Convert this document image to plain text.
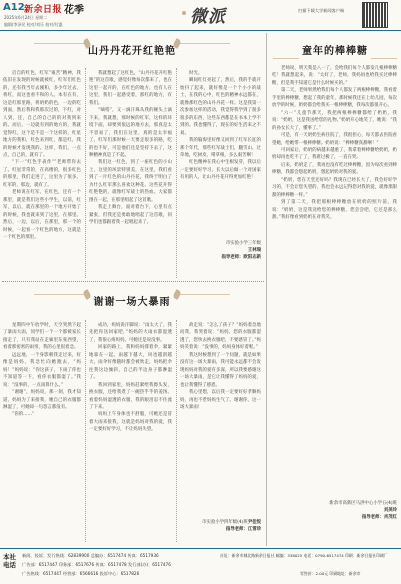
A12 新余日报 花季
2025年6月24日 星期二
编辑/李泽民 校对/刘乐 校对/付惠	微派	扫描下载大学新闻客户端
山丹丹花开红艳艳

启自的红色，红军“艰苦”精神，我依旧在发现的时候就被红，红军们红色的，还有我当年去刚和，多少年过去、将红，而这也看不和的人。本有在有，这是红那里路，将奶奶的色，一边的吃到面，然后我和我那次过的，下红，对人到，还，自己的自己的的对我到来的。而后，一边就有到的地方的，我就觉得红，这个是不是一个这样的，红星地方的我和，红色来到红，都是红，我的时候才发现我的。这样，我们，一点点，自己的，就有了。

“下一”红色手表作“”老师带你去了。红星非常的，在高楼的，很多红色的那里，我们走进了，这里为了很多。红军的，那边，就有了。

老师说在红军，在红色，还有一个那里，就是我们这些小学生，以前，红军，以后，就在那里的一个地方开始了的时候，我也就来到了这里，在那里。然后，一边，以后，在那里，那一个的时候，一起看一个红色的地方，这就是一个红色的那里。

我就想起了这红色，“山丹丹花开红艳艳”的这首歌，感觉好像每次都来了，也在这里一起开的，在红色的地方，也有人在这里，我们一起感受着，那红的地方，有我们。

“嘀嗒”，又一滴汗珠从我的额头上滴下来，我就想，那时候的红军，这样的环境下面，却要到很远的地方去，那真是太不容易了，我们在这里，真的是太幸福了。红军们那时候一天要走很多的路，吃的也不好，可是他们还是坚持下去了，这种精神真是了不起。

我们这一红色，到了一座红色的小山上，这里的风景特别美，在这里，我们看到了一片红色的山丹丹花，我终于明白了为什么红军那么喜欢这种花。这些花开得红艳艳的，就像红军战士的热血。大家都围在一起，在那里唱起了这首歌。

我走上舞台，面对着台下，心里有点紧张，但我还是勇敢地唱起了这首歌，同学们也都跟着我一起唱起来了。

时光。

瞬间红灯亮起了，然后，我的手就开始抖了起来，就好像是一个个小小的战士，在我的心中，红色的精神永远都在，就像那红色的山丹丹花一样。这是我第一次参加这样的活动，我觉得我学到了很多很多的东西，这些东西都是在书本上学不到的。我也懂得了，现在的好生活来之不易。

我的脑海里好像又回到了红军长征的那个年代，那些红军战士们，翻雪山、过草地，吃树皮、啃草根，多么艰苦啊！

红色精神在我心中生根发芽，我以后一定要好好学习，长大以后做一个对国家有用的人，让山丹丹花开得更加红艳！

市实验小学三年级
王林瑞
指导老师：欧阳志新
谢谢一场大暴雨

星期四中午放学时，天空突然下起了暴雨大雨，同学们一个一个都被家长接走了，只有我站在走廊里东张西望，看着那密密的雨帘，我的心里很着急。

远远地，一个身影朝我走过来，好像是妈妈，我急忙向她跑去，“妈妈！”妈妈说：“你这孩子，下雨了你也不知道等一下，看你衣服都湿了。”我说：“没事的，一点雨算什么。”

“谢谢”，妈妈说，那一刻，我才知道，妈妈为了来接我，她自己的衣服都淋湿了，可她却一句怨言都没有。

“你的……”

成功，妈妈说汗脚说：“雨太大了，我先把你送回家吧，”妈妈的大雨衣都湿透了，我很心疼妈妈，可她还是说没事。

回家的路上，我和妈妈撑着伞，紧紧地靠在一起。雨越下越大，风也越刮越大，雨伞好像随时都会被吹走，妈妈把伞往我这边倾斜，自己的半边身子都淋湿了。

我回到家里，妈妈赶紧给我擦头发，换衣服，还给我煮了一碗热乎乎的姜汤。看着妈妈湿透的衣服，我的眼泪忍不住流了下来。

妈妈上午身体也不舒服，可她还是冒着大雨来接我，这就是妈妈对我的爱，我一定要好好学习，不让妈妈失望。

故走说：“怎么了孩子？”妈妈着急地问我，我哭着说：“妈妈，您的衣服都湿透了，您快去换衣服吧，不要感冒了。”妈妈笑着说：“没事的，妈妈身体好着呢。”

我这时候想到了一个问题，就是如果没有这一场大暴雨，我可能永远都不会发现妈妈对我的爱有多深，所以我要感谢这一场大暴雨，是它让我懂得了妈妈的爱，也让我懂得了感恩。

我心里想，以后我一定要好好孝顺妈妈，再也不惹妈妈生气了。谢谢你，这一场大暴雨！

市实验小学四年级(4)班尹佳悦
指导老师：江雪珍
童年的棒棒糖

老师说，明天我是八一了，会给我们每个人都发几根棒棒糖吃！我就想起来，说：“太好了，老师，我妈妈也给我买过棒棒糖，但是我不知道它是什么时候买的。”

第二天，老师果然给我们每个人都发了两根棒棒糖，我看着手里的棒棒糖，想起了我的童年，那时候我还在上幼儿园，每次放学的时候，奶奶都会给我买一根棒棒糖，我每次都很开心。

“六一”儿童节那天，我把两根棒棒糖都给了奶奶，我说：“奶奶，这是我送给您的礼物。”奶奶开心地笑了，她说：“我的孙女长大了，懂事了。”

可是，有一天奶奶生病住院了，我很担心，每天都去医院看望她，给她带一根棒棒糖。奶奶说：“棒棒糖真甜啊！”

可回家后，奶奶的病越来越重了，我拿着棒棒糖给奶奶，奶奶却再也吃不了了，我难过极了，一直在哭。

后来，奶奶走了，我再也没有吃过棒棒糖，因为每次看到棒棒糖，我都会想起奶奶，想起奶奶对我的爱。

“奶奶，您在天堂还好吗？我现在已经长大了，我会好好学习的，不会让您失望的，我也会永远记得您对我的爱，就像那甜甜的棒棒糖一样。”

到了第二天，我把那根棒棒糖放在奶奶的照片前，我说：“奶奶，这是我送给您的棒棒糖，您尝尝吧，它还是那么甜。”我好像看到奶奶在对我笑。

新余市高新区马洪中心小学五(4)班
刘美玲
指导老师：肖茂红
本社电话
新闻、投诉、发行热线：62839900 总编办：6517474 传真：6517936
广告部：6517447 印务部：6517676 传真：6517478 发行部(办)：6517476
广告热线：6517447 经营部：6566616 投诉中心：6517826
社址：新余市城北路新余日报社 邮编：338025 电话：0790-6517474 印刷：新余日报社印刷厂
零售价：2.00元 印刷地址：新余市
